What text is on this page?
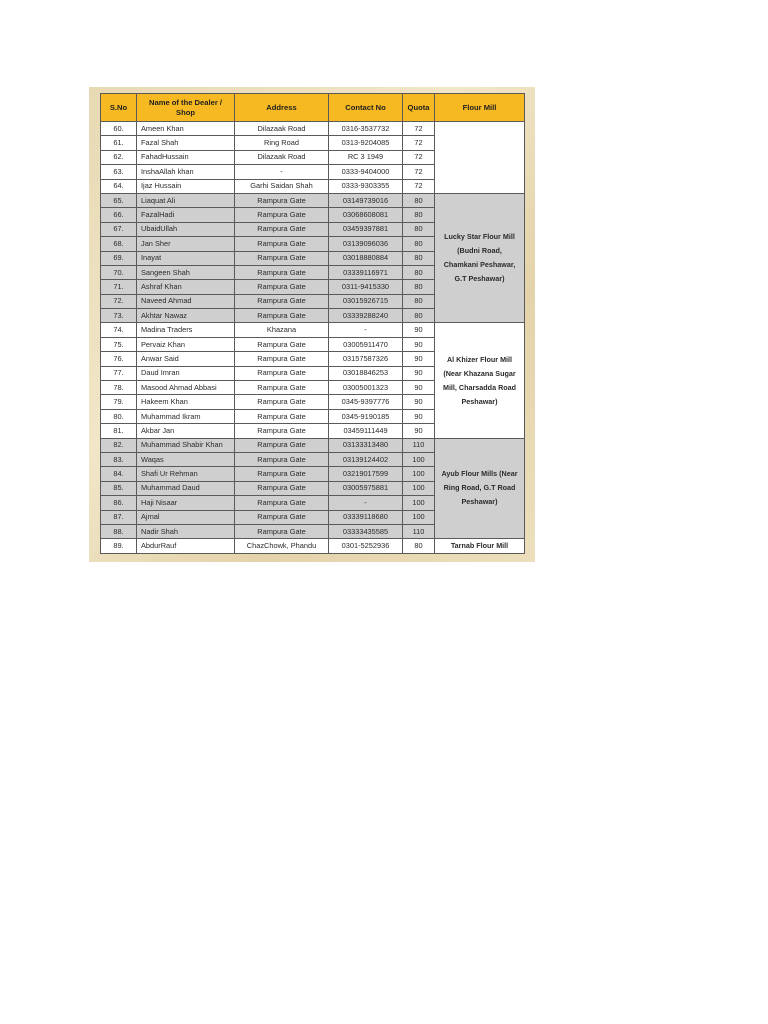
S.No	Name of the Dealer / Shop	Address	Contact No	Quota	Flour Mill
60.	Ameen Khan	Dilazaak Road	0316-3537732	72	
61.	Fazal Shah	Ring Road	0313-9204085	72	
62.	FahadHussain	Dilazaak Road	RC 3 1949	72	
63.	InshaAllah khan	-	0333-9404000	72	
64.	Ijaz Hussain	Garhi Saidan Shah	0333-9303355	72	
65.	Liaquat Ali	Rampura Gate	03149739016	80	Lucky Star Flour Mill (Budni Road, Chamkani Peshawar, G.T Peshawar)
66.	FazalHadi	Rampura Gate	03068608081	80	
67.	UbaidUllah	Rampura Gate	03459397881	80	
68.	Jan Sher	Rampura Gate	03139096036	80	
69.	Inayat	Rampura Gate	03018880884	80	
70.	Sangeen Shah	Rampura Gate	03339116971	80	
71.	Ashraf Khan	Rampura Gate	0311-9415330	80	
72.	Naveed Ahmad	Rampura Gate	03015926715	80	
73.	Akhtar Nawaz	Rampura Gate	03339288240	80	
74.	Madina Traders	Khazana	-	90	Al Khizer Flour Mill (Near Khazana Sugar Mill, Charsadda Road Peshawar)
75.	Pervaiz Khan	Rampura Gate	03005911470	90	
76.	Anwar Said	Rampura Gate	03157587326	90	
77.	Daud Imran	Rampura Gate	03018846253	90	
78.	Masood Ahmad Abbasi	Rampura Gate	03005001323	90	
79.	Hakeem Khan	Rampura Gate	0345-9397776	90	
80.	Muhammad Ikram	Rampura Gate	0345-9190185	90	
81.	Akbar Jan	Rampura Gate	03459111449	90	
82.	Muhammad Shabir Khan	Rampura Gate	03133313480	110	Ayub Flour Mills (Near Ring Road, G.T Road Peshawar)
83.	Waqas	Rampura Gate	03139124402	100	
84.	Shafi Ur Rehman	Rampura Gate	03219017599	100	
85.	Muhammad Daud	Rampura Gate	03005975881	100	
86.	Haji Nisaar	Rampura Gate	-	100	
87.	Ajmal	Rampura Gate	03339118680	100	
88.	Nadir Shah	Rampura Gate	03333435585	110	
89.	AbdurRauf	ChazChowk, Phandu	0301-5252936	80	Tarnab Flour Mill
